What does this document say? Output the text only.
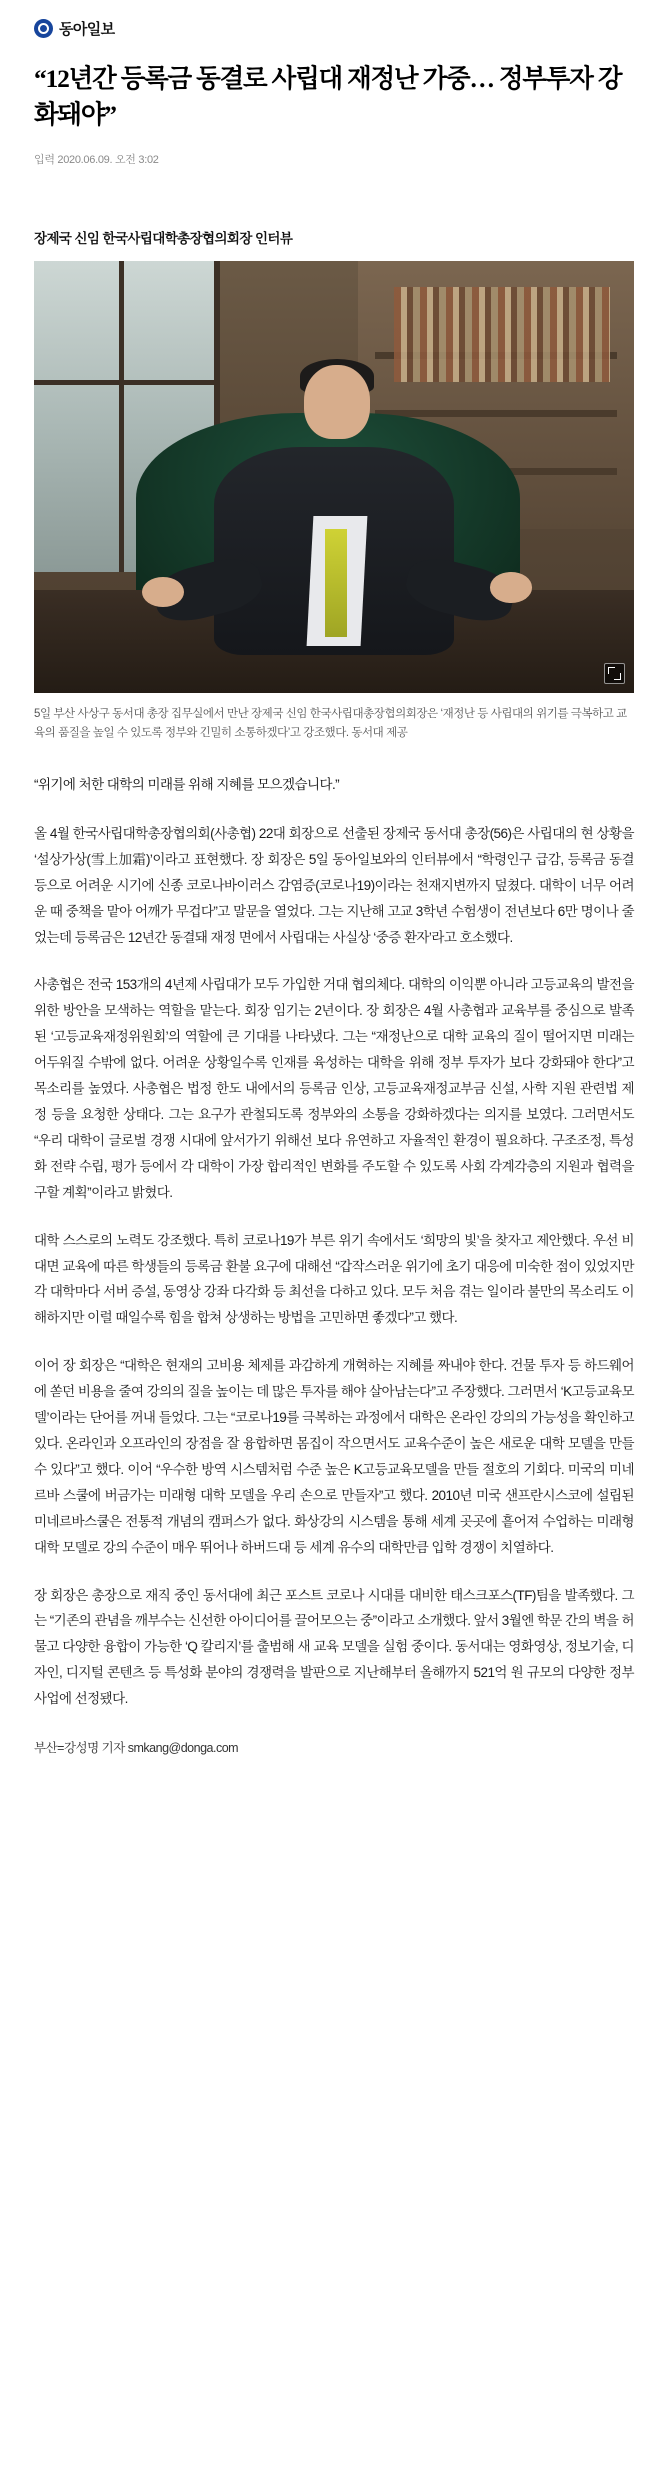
동아일보
“12년간 등록금 동결로 사립대 재정난 가중… 정부투자 강화돼야”
입력 2020.06.09. 오전 3:02
장제국 신임 한국사립대학총장협의회장 인터뷰
5일 부산 사상구 동서대 총장 집무실에서 만난 장제국 신임 한국사립대총장협의회장은 ‘재정난 등 사립대의 위기를 극복하고 교육의 품질을 높일 수 있도록 정부와 긴밀히 소통하겠다’고 강조했다. 동서대 제공

“위기에 처한 대학의 미래를 위해 지혜를 모으겠습니다.”

올 4월 한국사립대학총장협의회(사총협) 22대 회장으로 선출된 장제국 동서대 총장(56)은 사립대의 현 상황을 ‘설상가상(雪上加霜)’이라고 표현했다. 장 회장은 5일 동아일보와의 인터뷰에서 “학령인구 급감, 등록금 동결 등으로 어려운 시기에 신종 코로나바이러스 감염증(코로나19)이라는 천재지변까지 덮쳤다. 대학이 너무 어려운 때 중책을 맡아 어깨가 무겁다”고 말문을 열었다. 그는 지난해 고교 3학년 수험생이 전년보다 6만 명이나 줄었는데 등록금은 12년간 동결돼 재정 면에서 사립대는 사실상 ‘중증 환자’라고 호소했다.

사총협은 전국 153개의 4년제 사립대가 모두 가입한 거대 협의체다. 대학의 이익뿐 아니라 고등교육의 발전을 위한 방안을 모색하는 역할을 맡는다. 회장 임기는 2년이다. 장 회장은 4월 사총협과 교육부를 중심으로 발족된 ‘고등교육재정위원회’의 역할에 큰 기대를 나타냈다. 그는 “재정난으로 대학 교육의 질이 떨어지면 미래는 어두워질 수밖에 없다. 어려운 상황일수록 인재를 육성하는 대학을 위해 정부 투자가 보다 강화돼야 한다”고 목소리를 높였다. 사총협은 법정 한도 내에서의 등록금 인상, 고등교육재정교부금 신설, 사학 지원 관련법 제정 등을 요청한 상태다. 그는 요구가 관철되도록 정부와의 소통을 강화하겠다는 의지를 보였다. 그러면서도 “우리 대학이 글로벌 경쟁 시대에 앞서가기 위해선 보다 유연하고 자율적인 환경이 필요하다. 구조조정, 특성화 전략 수립, 평가 등에서 각 대학이 가장 합리적인 변화를 주도할 수 있도록 사회 각계각층의 지원과 협력을 구할 계획”이라고 밝혔다.

대학 스스로의 노력도 강조했다. 특히 코로나19가 부른 위기 속에서도 ‘희망의 빛’을 찾자고 제안했다. 우선 비대면 교육에 따른 학생들의 등록금 환불 요구에 대해선 “갑작스러운 위기에 초기 대응에 미숙한 점이 있었지만 각 대학마다 서버 증설, 동영상 강좌 다각화 등 최선을 다하고 있다. 모두 처음 겪는 일이라 불만의 목소리도 이해하지만 이럴 때일수록 힘을 합쳐 상생하는 방법을 고민하면 좋겠다”고 했다.

이어 장 회장은 “대학은 현재의 고비용 체제를 과감하게 개혁하는 지혜를 짜내야 한다. 건물 투자 등 하드웨어에 쏟던 비용을 줄여 강의의 질을 높이는 데 많은 투자를 해야 살아남는다”고 주장했다. 그러면서 ‘K고등교육모델’이라는 단어를 꺼내 들었다. 그는 “코로나19를 극복하는 과정에서 대학은 온라인 강의의 가능성을 확인하고 있다. 온라인과 오프라인의 장점을 잘 융합하면 몸집이 작으면서도 교육수준이 높은 새로운 대학 모델을 만들 수 있다”고 했다. 이어 “우수한 방역 시스템처럼 수준 높은 K고등교육모델을 만들 절호의 기회다. 미국의 미네르바 스쿨에 버금가는 미래형 대학 모델을 우리 손으로 만들자”고 했다. 2010년 미국 샌프란시스코에 설립된 미네르바스쿨은 전통적 개념의 캠퍼스가 없다. 화상강의 시스템을 통해 세계 곳곳에 흩어져 수업하는 미래형 대학 모델로 강의 수준이 매우 뛰어나 하버드대 등 세계 유수의 대학만큼 입학 경쟁이 치열하다.

장 회장은 총장으로 재직 중인 동서대에 최근 포스트 코로나 시대를 대비한 태스크포스(TF)팀을 발족했다. 그는 “기존의 관념을 깨부수는 신선한 아이디어를 끌어모으는 중”이라고 소개했다. 앞서 3월엔 학문 간의 벽을 허물고 다양한 융합이 가능한 ‘Q 칼리지’를 출범해 새 교육 모델을 실험 중이다. 동서대는 영화영상, 정보기술, 디자인, 디지털 콘텐츠 등 특성화 분야의 경쟁력을 발판으로 지난해부터 올해까지 521억 원 규모의 다양한 정부 사업에 선정됐다.

부산=강성명 기자 smkang@donga.com
